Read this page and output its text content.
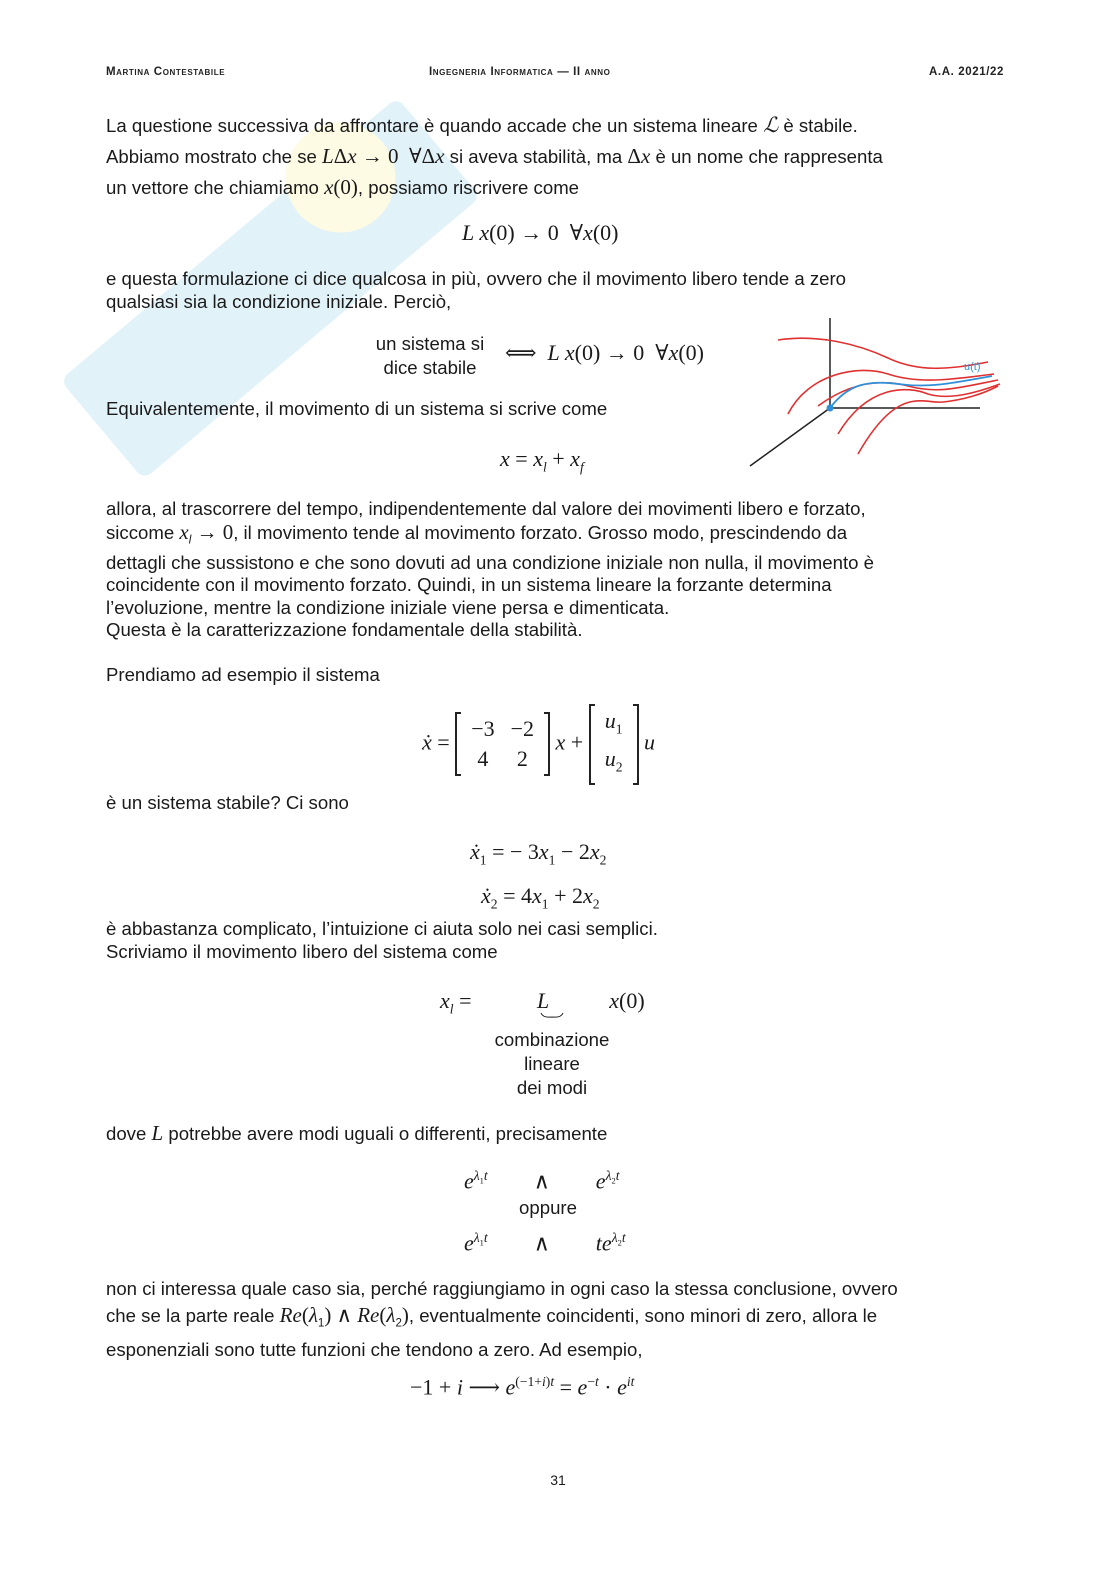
Martina Contestabile	Ingegneria Informatica — II anno	A.A. 2021/22
La questione successiva da affrontare è quando accade che un sistema lineare ℒ è stabile.
Abbiamo mostrato che se LΔx → 0  ∀Δx si aveva stabilità, ma Δx è un nome che rappresenta
un vettore che chiamiamo x(0), possiamo riscrivere come
L x(0) → 0  ∀x(0)
e questa formulazione ci dice qualcosa in più, ovvero che il movimento libero tende a zero
qualsiasi sia la condizione iniziale. Perciò,
un sistema si
dice stabile
⟺  L x(0) → 0  ∀x(0)
u(t)
Equivalentemente, il movimento di un sistema si scrive come
$x = x_l + x_f$
allora, al trascorrere del tempo, indipendentemente dal valore dei movimenti libero e forzato,
siccome $x_l \to 0$, il movimento tende al movimento forzato. Grosso modo, prescindendo da
dettagli che sussistono e che sono dovuti ad una condizione iniziale non nulla, il movimento è
coincidente con il movimento forzato. Quindi, in un sistema lineare la forzante determina
l’evoluzione, mentre la condizione iniziale viene persa e dimenticata.
Questa è la caratterizzazione fondamentale della stabilità.
Prendiamo ad esempio il sistema
ẋ =
−3	−2
4	2
x +
$u_1$
$u_2$
u
è un sistema stabile? Ci sono
ẋ$_1$ = − $3x_1 - 2x_2$
ẋ$_2$ = $4x_1 + 2x_2$
è abbastanza complicato, l’intuizione ci aiuta solo nei casi semplici.
Scriviamo il movimento libero del sistema come
$x_l$ =	L	x(0)
combinazione
lineare
dei modi
dove L potrebbe avere modi uguali o differenti, precisamente
$e^{\lambda_1t}$ ∧ $e^{\lambda_2t}$
oppure
$e^{\lambda_1t}$ ∧ $te^{\lambda_2t}$
non ci interessa quale caso sia, perché raggiungiamo in ogni caso la stessa conclusione, ovvero
che se la parte reale $Re(\lambda_1)$ ∧ $Re(\lambda_2)$, eventualmente coincidenti, sono minori di zero, allora le
esponenziali sono tutte funzioni che tendono a zero. Ad esempio,
−1 + i ⟶ $e^{(-1+i)t} = e^{-t} \cdot e^{it}$
31
